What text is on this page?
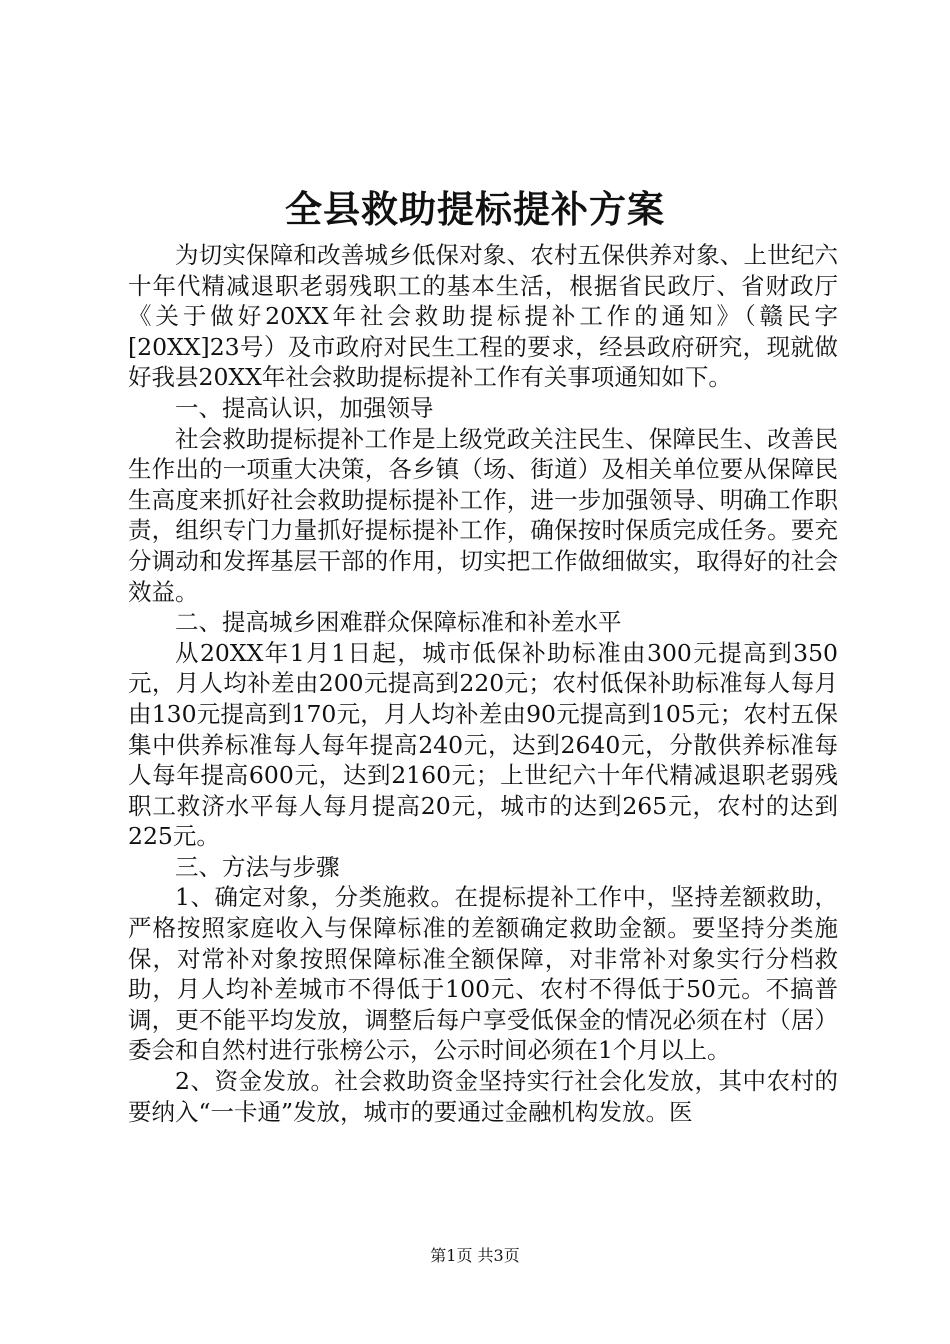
全县救助提标提补方案

为切实保障和改善城乡低保对象、农村五保供养对象、上世纪六十年代精减退职老弱残职工的基本生活，根据省民政厅、省财政厅《关于做好20XX年社会救助提标提补工作的通知》（赣民字[20XX]23号）及市政府对民生工程的要求，经县政府研究，现就做好我县20XX年社会救助提标提补工作有关事项通知如下。

一、提高认识，加强领导

社会救助提标提补工作是上级党政关注民生、保障民生、改善民生作出的一项重大决策，各乡镇（场、街道）及相关单位要从保障民生高度来抓好社会救助提标提补工作，进一步加强领导、明确工作职责，组织专门力量抓好提标提补工作，确保按时保质完成任务。要充分调动和发挥基层干部的作用，切实把工作做细做实，取得好的社会效益。

二、提高城乡困难群众保障标准和补差水平

从20XX年1月1日起，城市低保补助标准由300元提高到350元，月人均补差由200元提高到220元；农村低保补助标准每人每月由130元提高到170元，月人均补差由90元提高到105元；农村五保集中供养标准每人每年提高240元，达到2640元，分散供养标准每人每年提高600元，达到2160元；上世纪六十年代精减退职老弱残职工救济水平每人每月提高20元，城市的达到265元，农村的达到225元。

三、方法与步骤

1、确定对象，分类施救。在提标提补工作中，坚持差额救助，严格按照家庭收入与保障标准的差额确定救助金额。要坚持分类施保，对常补对象按照保障标准全额保障，对非常补对象实行分档救助，月人均补差城市不得低于100元、农村不得低于50元。不搞普调，更不能平均发放，调整后每户享受低保金的情况必须在村（居）委会和自然村进行张榜公示，公示时间必须在1个月以上。

2、资金发放。社会救助资金坚持实行社会化发放，其中农村的要纳入“一卡通”发放，城市的要通过金融机构发放。医

第1页 共3页
